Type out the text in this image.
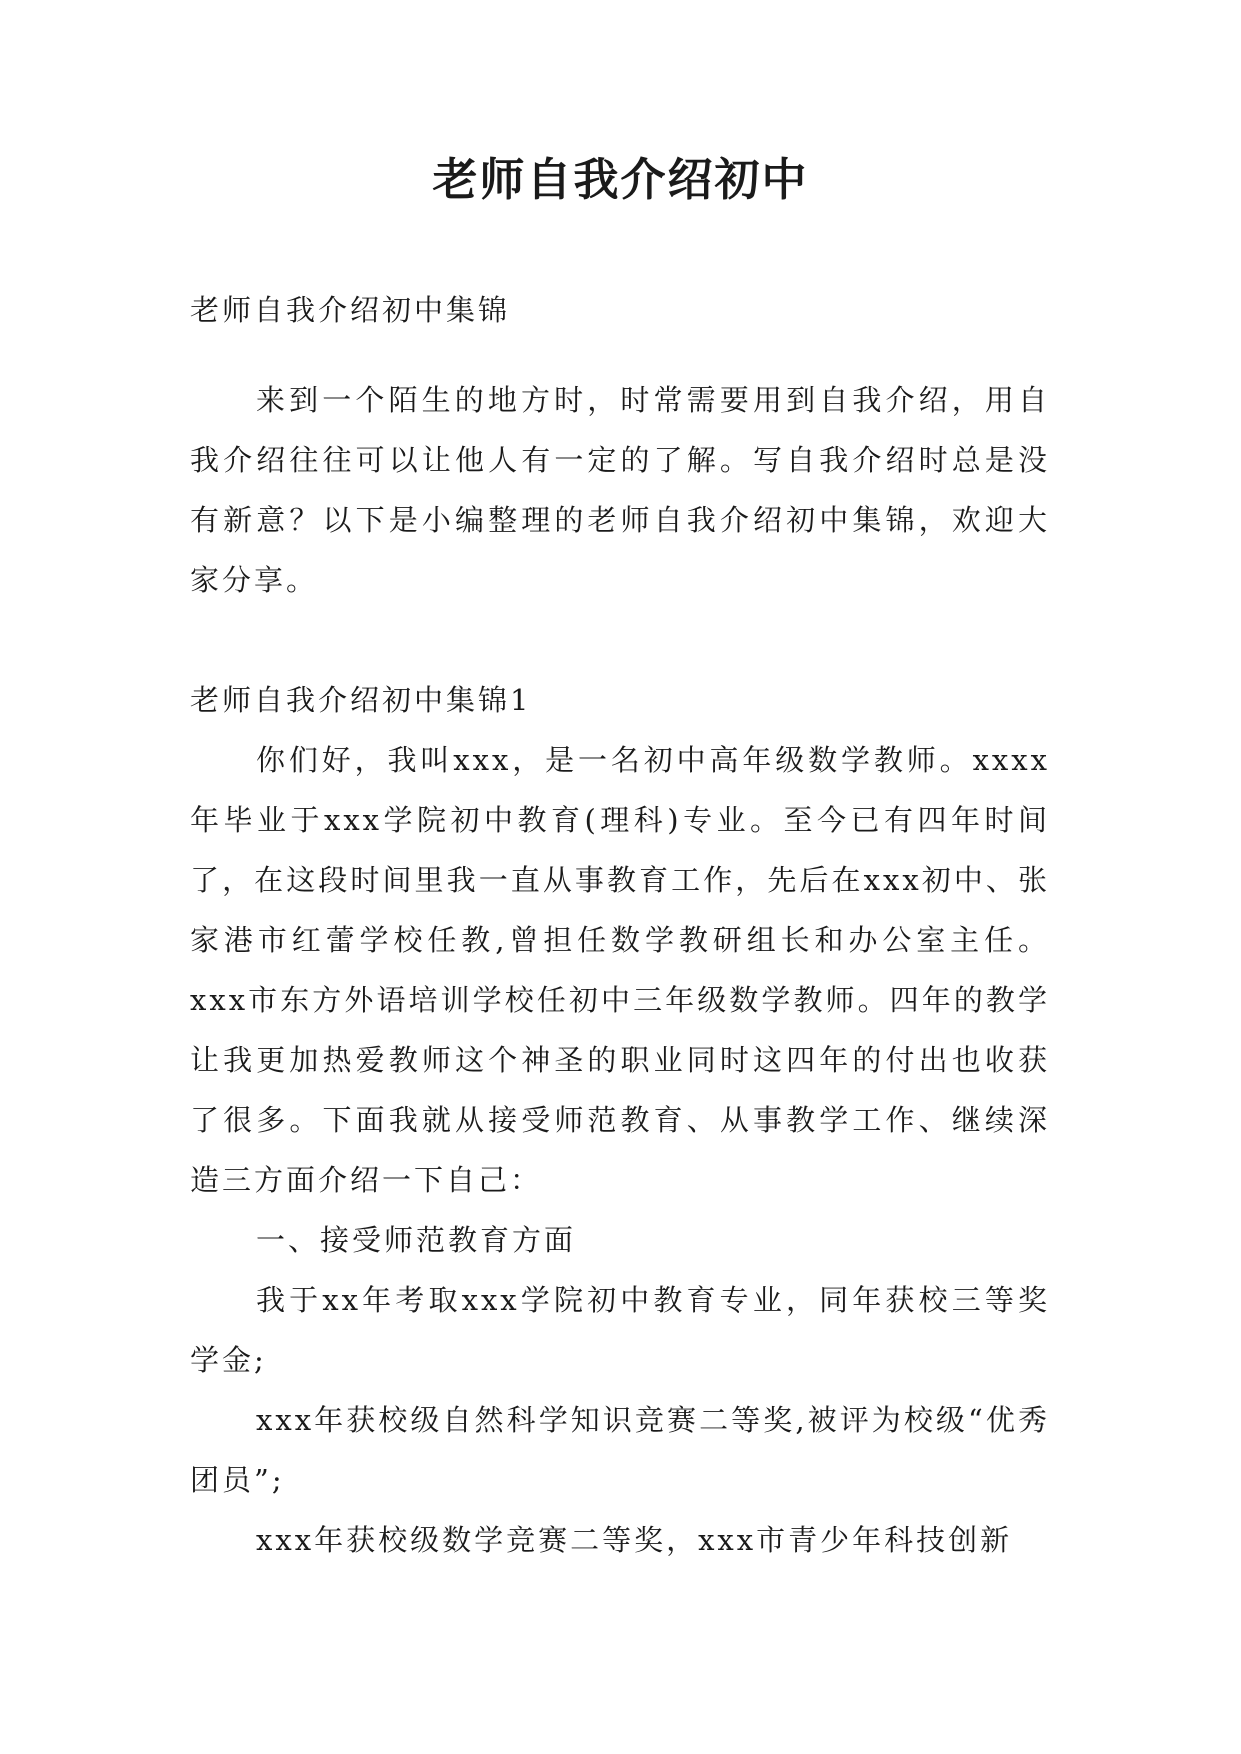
老师自我介绍初中

老师自我介绍初中集锦

来到一个陌生的地方时，时常需要用到自我介绍，用自我介绍往往可以让他人有一定的了解。写自我介绍时总是没有新意？以下是小编整理的老师自我介绍初中集锦，欢迎大家分享。

老师自我介绍初中集锦1

你们好，我叫xxx，是一名初中高年级数学教师。xxxx年毕业于xxx学院初中教育(理科)专业。至今已有四年时间了，在这段时间里我一直从事教育工作，先后在xxx初中、张家港市红蕾学校任教,曾担任数学教研组长和办公室主任。xxx市东方外语培训学校任初中三年级数学教师。四年的教学让我更加热爱教师这个神圣的职业同时这四年的付出也收获了很多。下面我就从接受师范教育、从事教学工作、继续深造三方面介绍一下自己：

一、接受师范教育方面

我于xx年考取xxx学院初中教育专业，同年获校三等奖学金;

xxx年获校级自然科学知识竞赛二等奖,被评为校级“优秀团员”;

xxx年获校级数学竞赛二等奖，xxx市青少年科技创新
